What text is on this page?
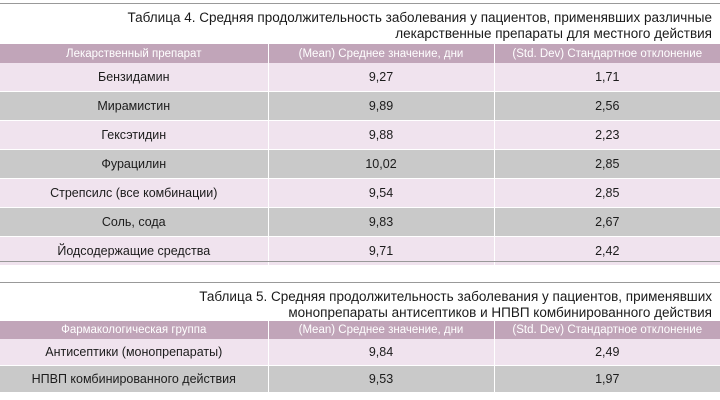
Таблица 4. Средняя продолжительность заболевания у пациентов, применявших различные
лекарственные препараты для местного действия
Лекарственный препарат	(Mean) Среднее значение, дни	(Std. Dev) Стандартное отклонение
Бензидамин	9,27	1,71
Мирамистин	9,89	2,56
Гексэтидин	9,88	2,23
Фурацилин	10,02	2,85
Стрепсилс (все комбинации)	9,54	2,85
Соль, сода	9,83	2,67
Йодсодержащие средства	9,71	2,42
Таблица 5. Средняя продолжительность заболевания у пациентов, применявших
монопрепараты антисептиков и НПВП комбинированного действия
Фармакологическая группа	(Mean) Среднее значение, дни	(Std. Dev) Стандартное отклонение
Антисептики (монопрепараты)	9,84	2,49
НПВП комбинированного действия	9,53	1,97
